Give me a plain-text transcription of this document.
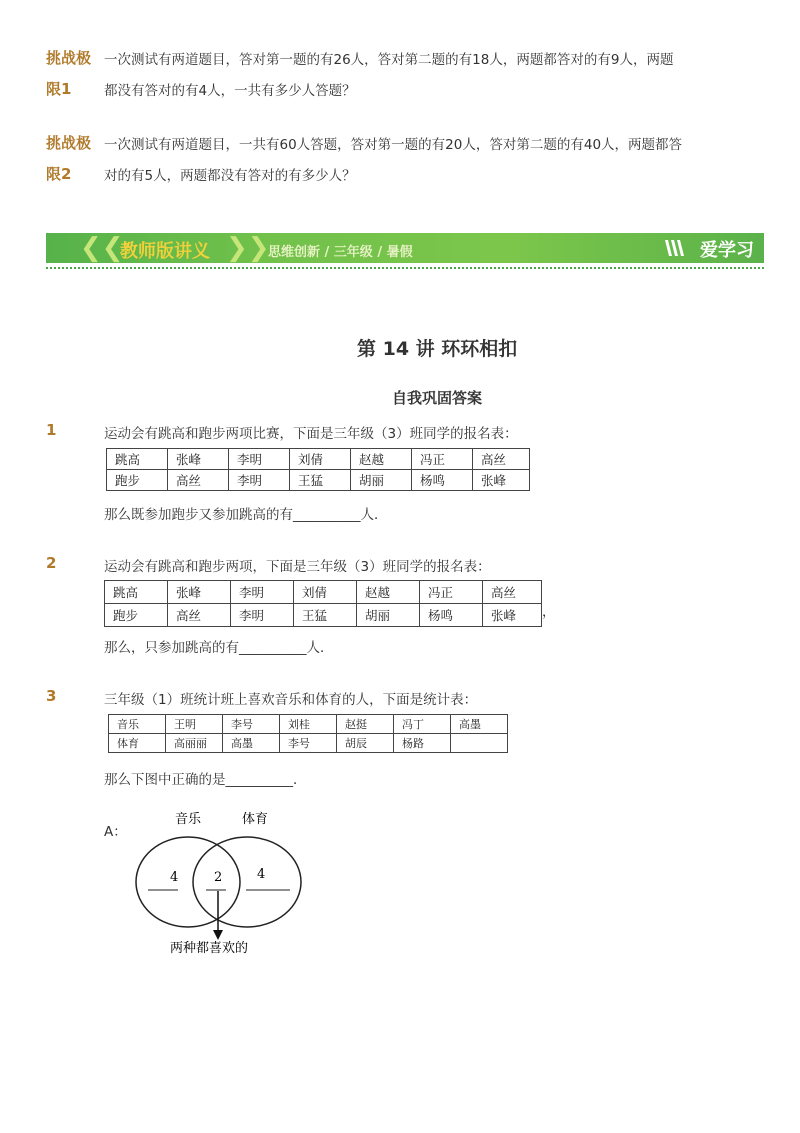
挑战极
限1
一次测试有两道题目，答对第一题的有26人，答对第二题的有18人，两题都答对的有9人，两题
都没有答对的有4人，一共有多少人答题？
挑战极
限2
一次测试有两道题目，一共有60人答题，答对第一题的有20人，答对第二题的有40人，两题都答
对的有5人，两题都没有答对的有多少人？
❮❮
教师版讲义 ❯❯
思维创新 / 三年级 / 暑假	爱学习
第 14 讲 环环相扣
自我巩固答案
1	运动会有跳高和跑步两项比赛，下面是三年级（3）班同学的报名表：
跳高	张峰	李明	刘倩	赵越	冯正	高丝
跑步	高丝	李明	王猛	胡丽	杨鸣	张峰
那么既参加跑步又参加跳高的有__________人．
2	运动会有跳高和跑步两项，下面是三年级（3）班同学的报名表：
跳高	张峰	李明	刘倩	赵越	冯正	高丝
跑步	高丝	李明	王猛	胡丽	杨鸣	张峰 ，
那么，只参加跳高的有__________人．
3	三年级（1）班统计班上喜欢音乐和体育的人，下面是统计表：
音乐	王明	李号	刘桂	赵挺	冯丁	高墨
体育	高丽丽	高墨	李号	胡辰	杨路	
那么下图中正确的是__________．
A：
音乐	体育
4	2	4
两种都喜欢的
